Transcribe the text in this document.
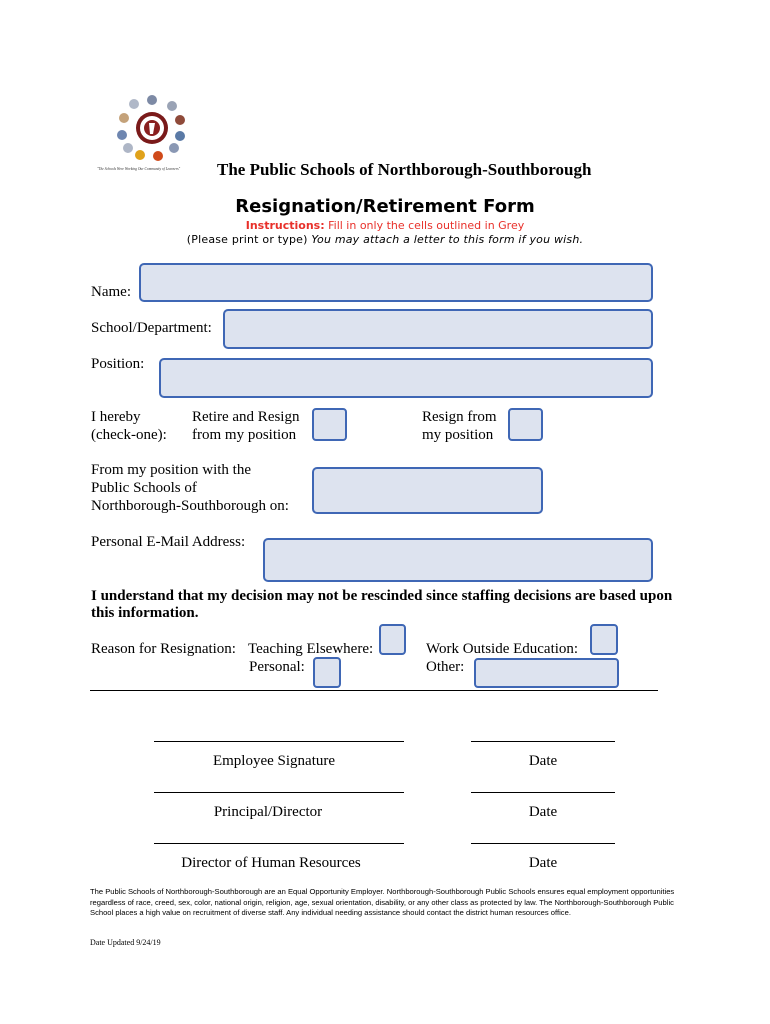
"The Schools Were Working Our Community of Learners"	The Public Schools of Northborough-Southborough
Resignation/Retirement Form
Instructions: Fill in only the cells outlined in Grey
(Please print or type) You may attach a letter to this form if you wish.
Name:
School/Department:
Position:
I hereby
(check-one):
Retire and Resign
from my position
Resign from
my position
From my position with the
Public Schools of
Northborough-Southborough on:
Personal E-Mail Address:
I understand that my decision may not be rescinded since staffing decisions are based upon
this information.
Reason for Resignation: Teaching Elsewhere:	Work Outside Education:
Personal:	Other:
Employee Signature	Date
Principal/Director	Date
Director of Human Resources	Date
The Public Schools of Northborough-Southborough are an Equal Opportunity Employer. Northborough-Southborough Public Schools ensures equal employment opportunities regardless of race, creed, sex, color, national origin, religion, age, sexual orientation, disability, or any other class as protected by law. The Northborough-Southborough Public School places a high value on recruitment of diverse staff. Any individual needing assistance should contact the district human resources office.
Date Updated 9/24/19
